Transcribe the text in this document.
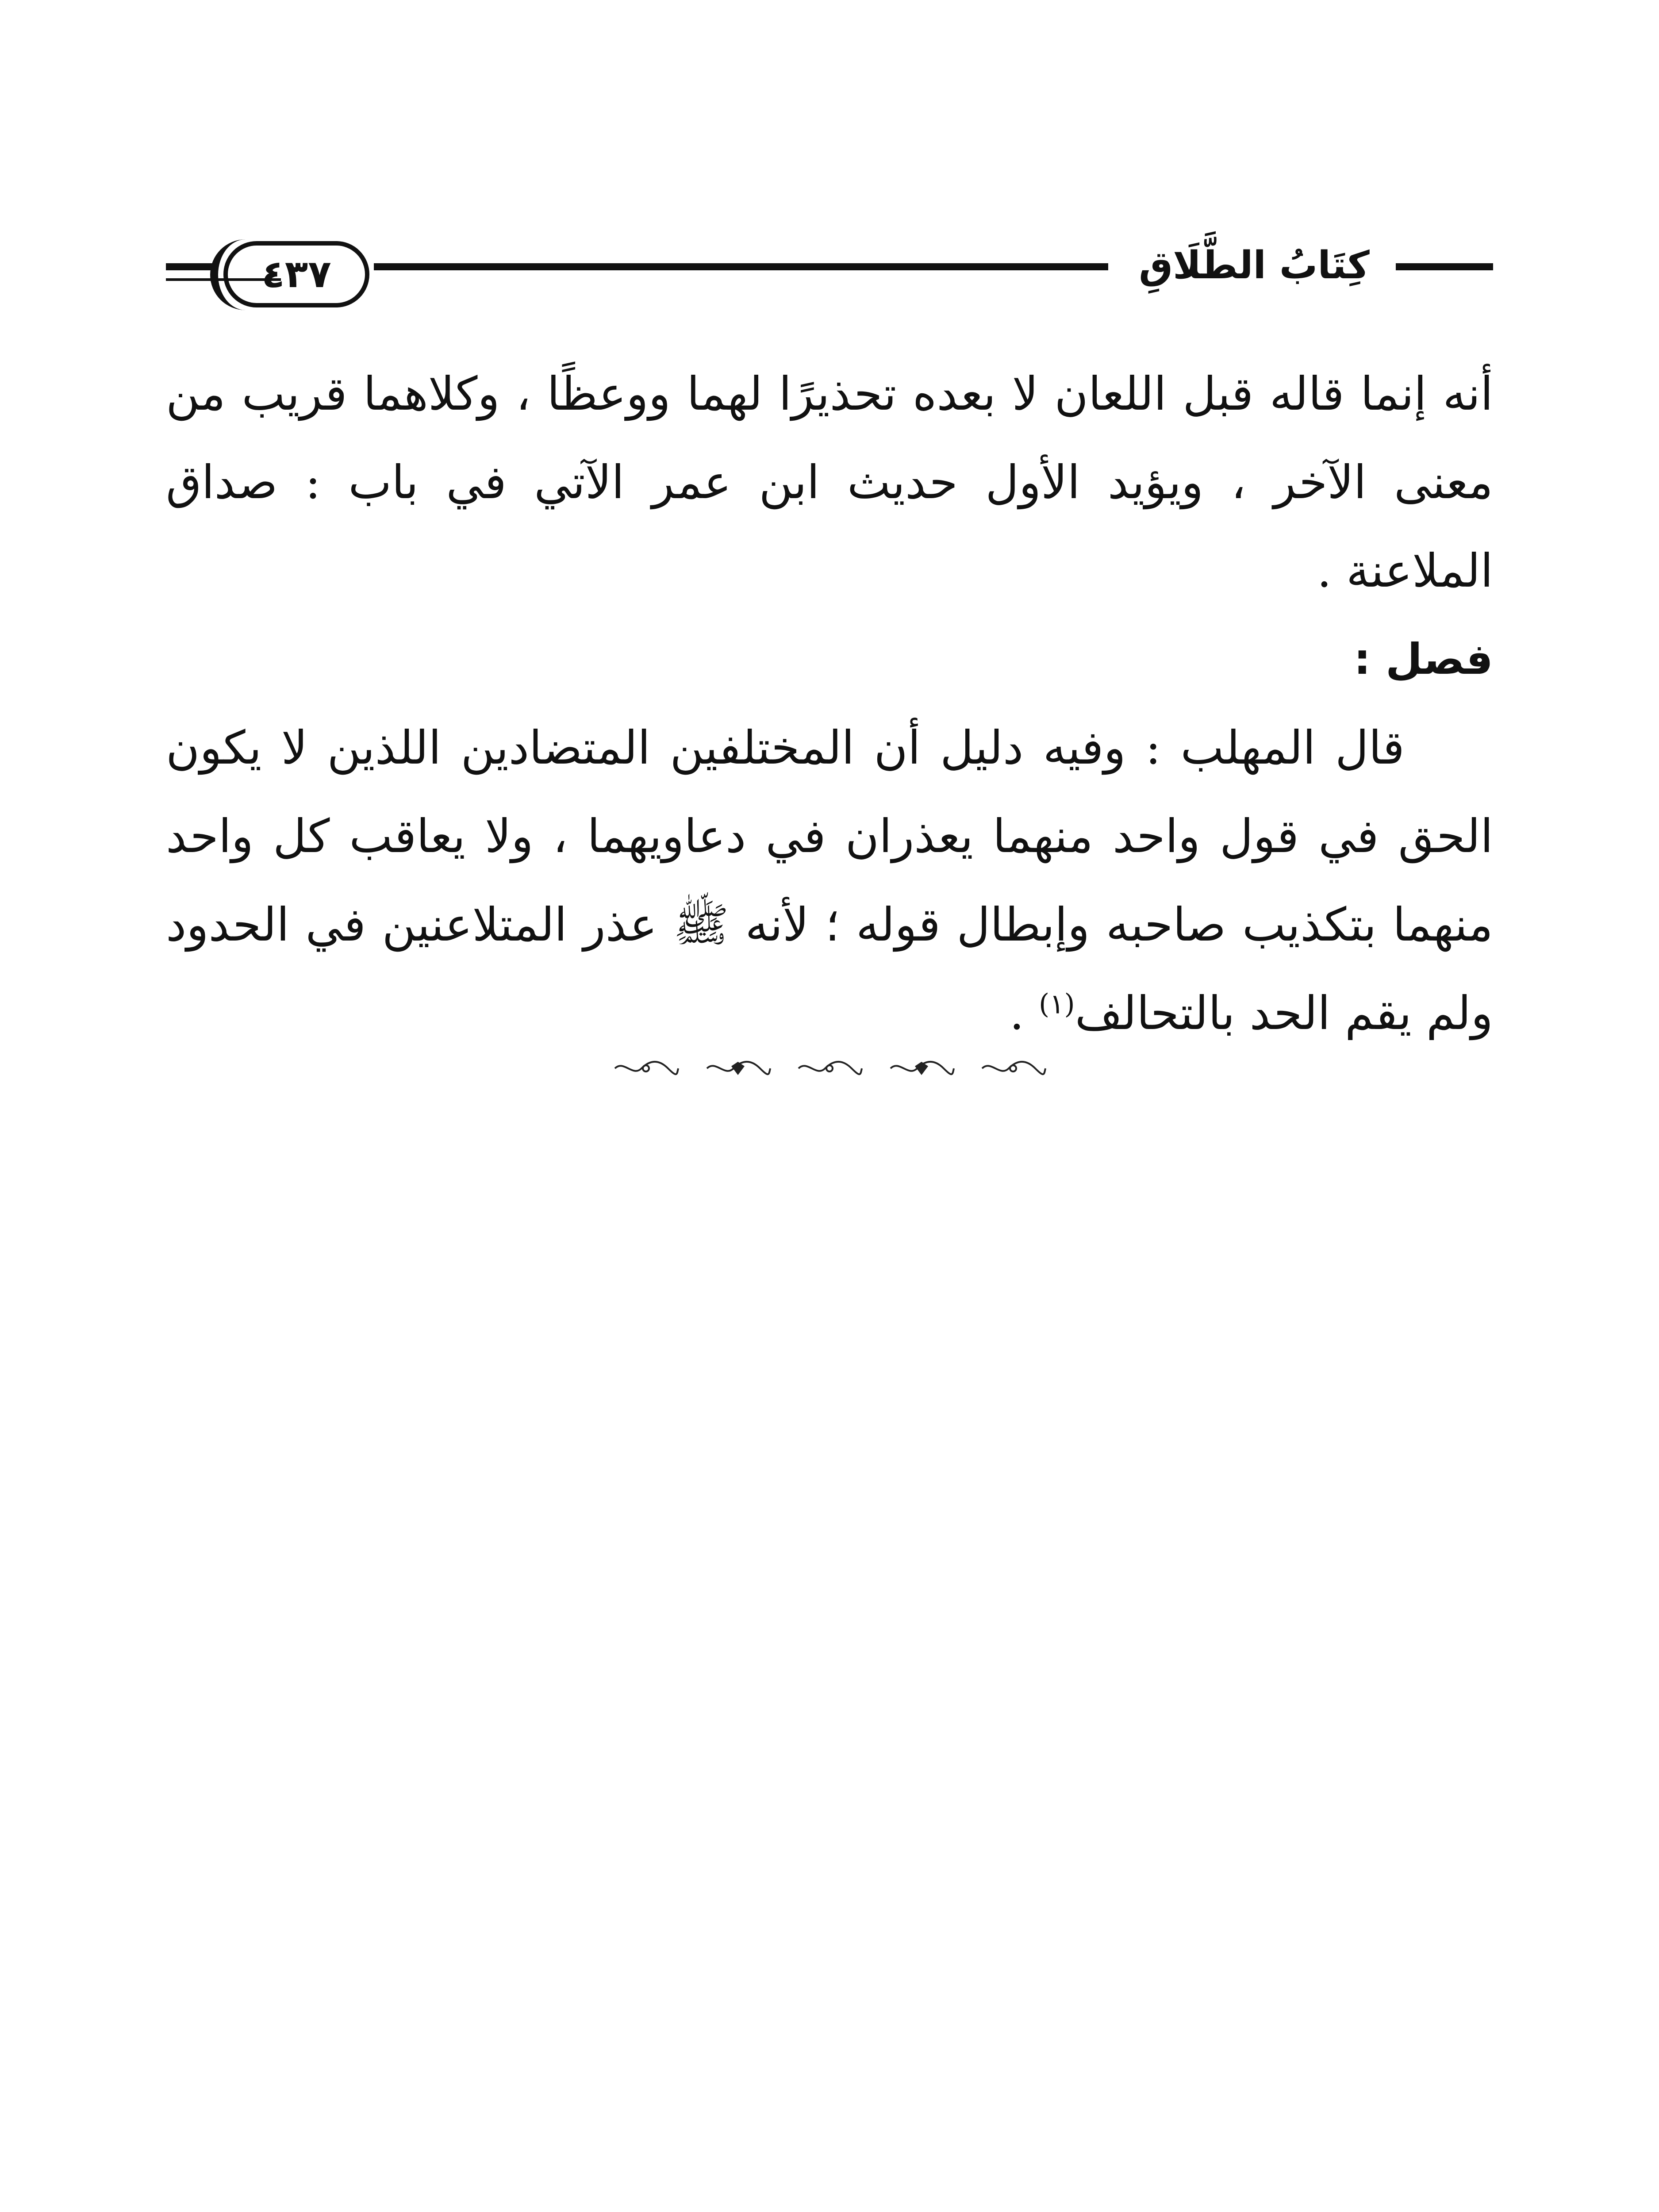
٤٣٧	كِتَابُ الطَّلَاقِ

أنه إنما قاله قبل اللعان لا بعده تحذيرًا لهما ووعظًا ، وكلاهما قريب من معنى الآخر ، ويؤيد الأول حديث ابن عمر الآتي في باب : صداق الملاعنة .

فصل :

قال المهلب : وفيه دليل أن المختلفين المتضادين اللذين لا يكون الحق في قول واحد منهما يعذران في دعاويهما ، ولا يعاقب كل واحد منهما بتكذيب صاحبه وإبطال قوله ؛ لأنه ﷺ عذر المتلاعنين في الحدود ولم يقم الحد بالتحالف$^{(١)}$ .
